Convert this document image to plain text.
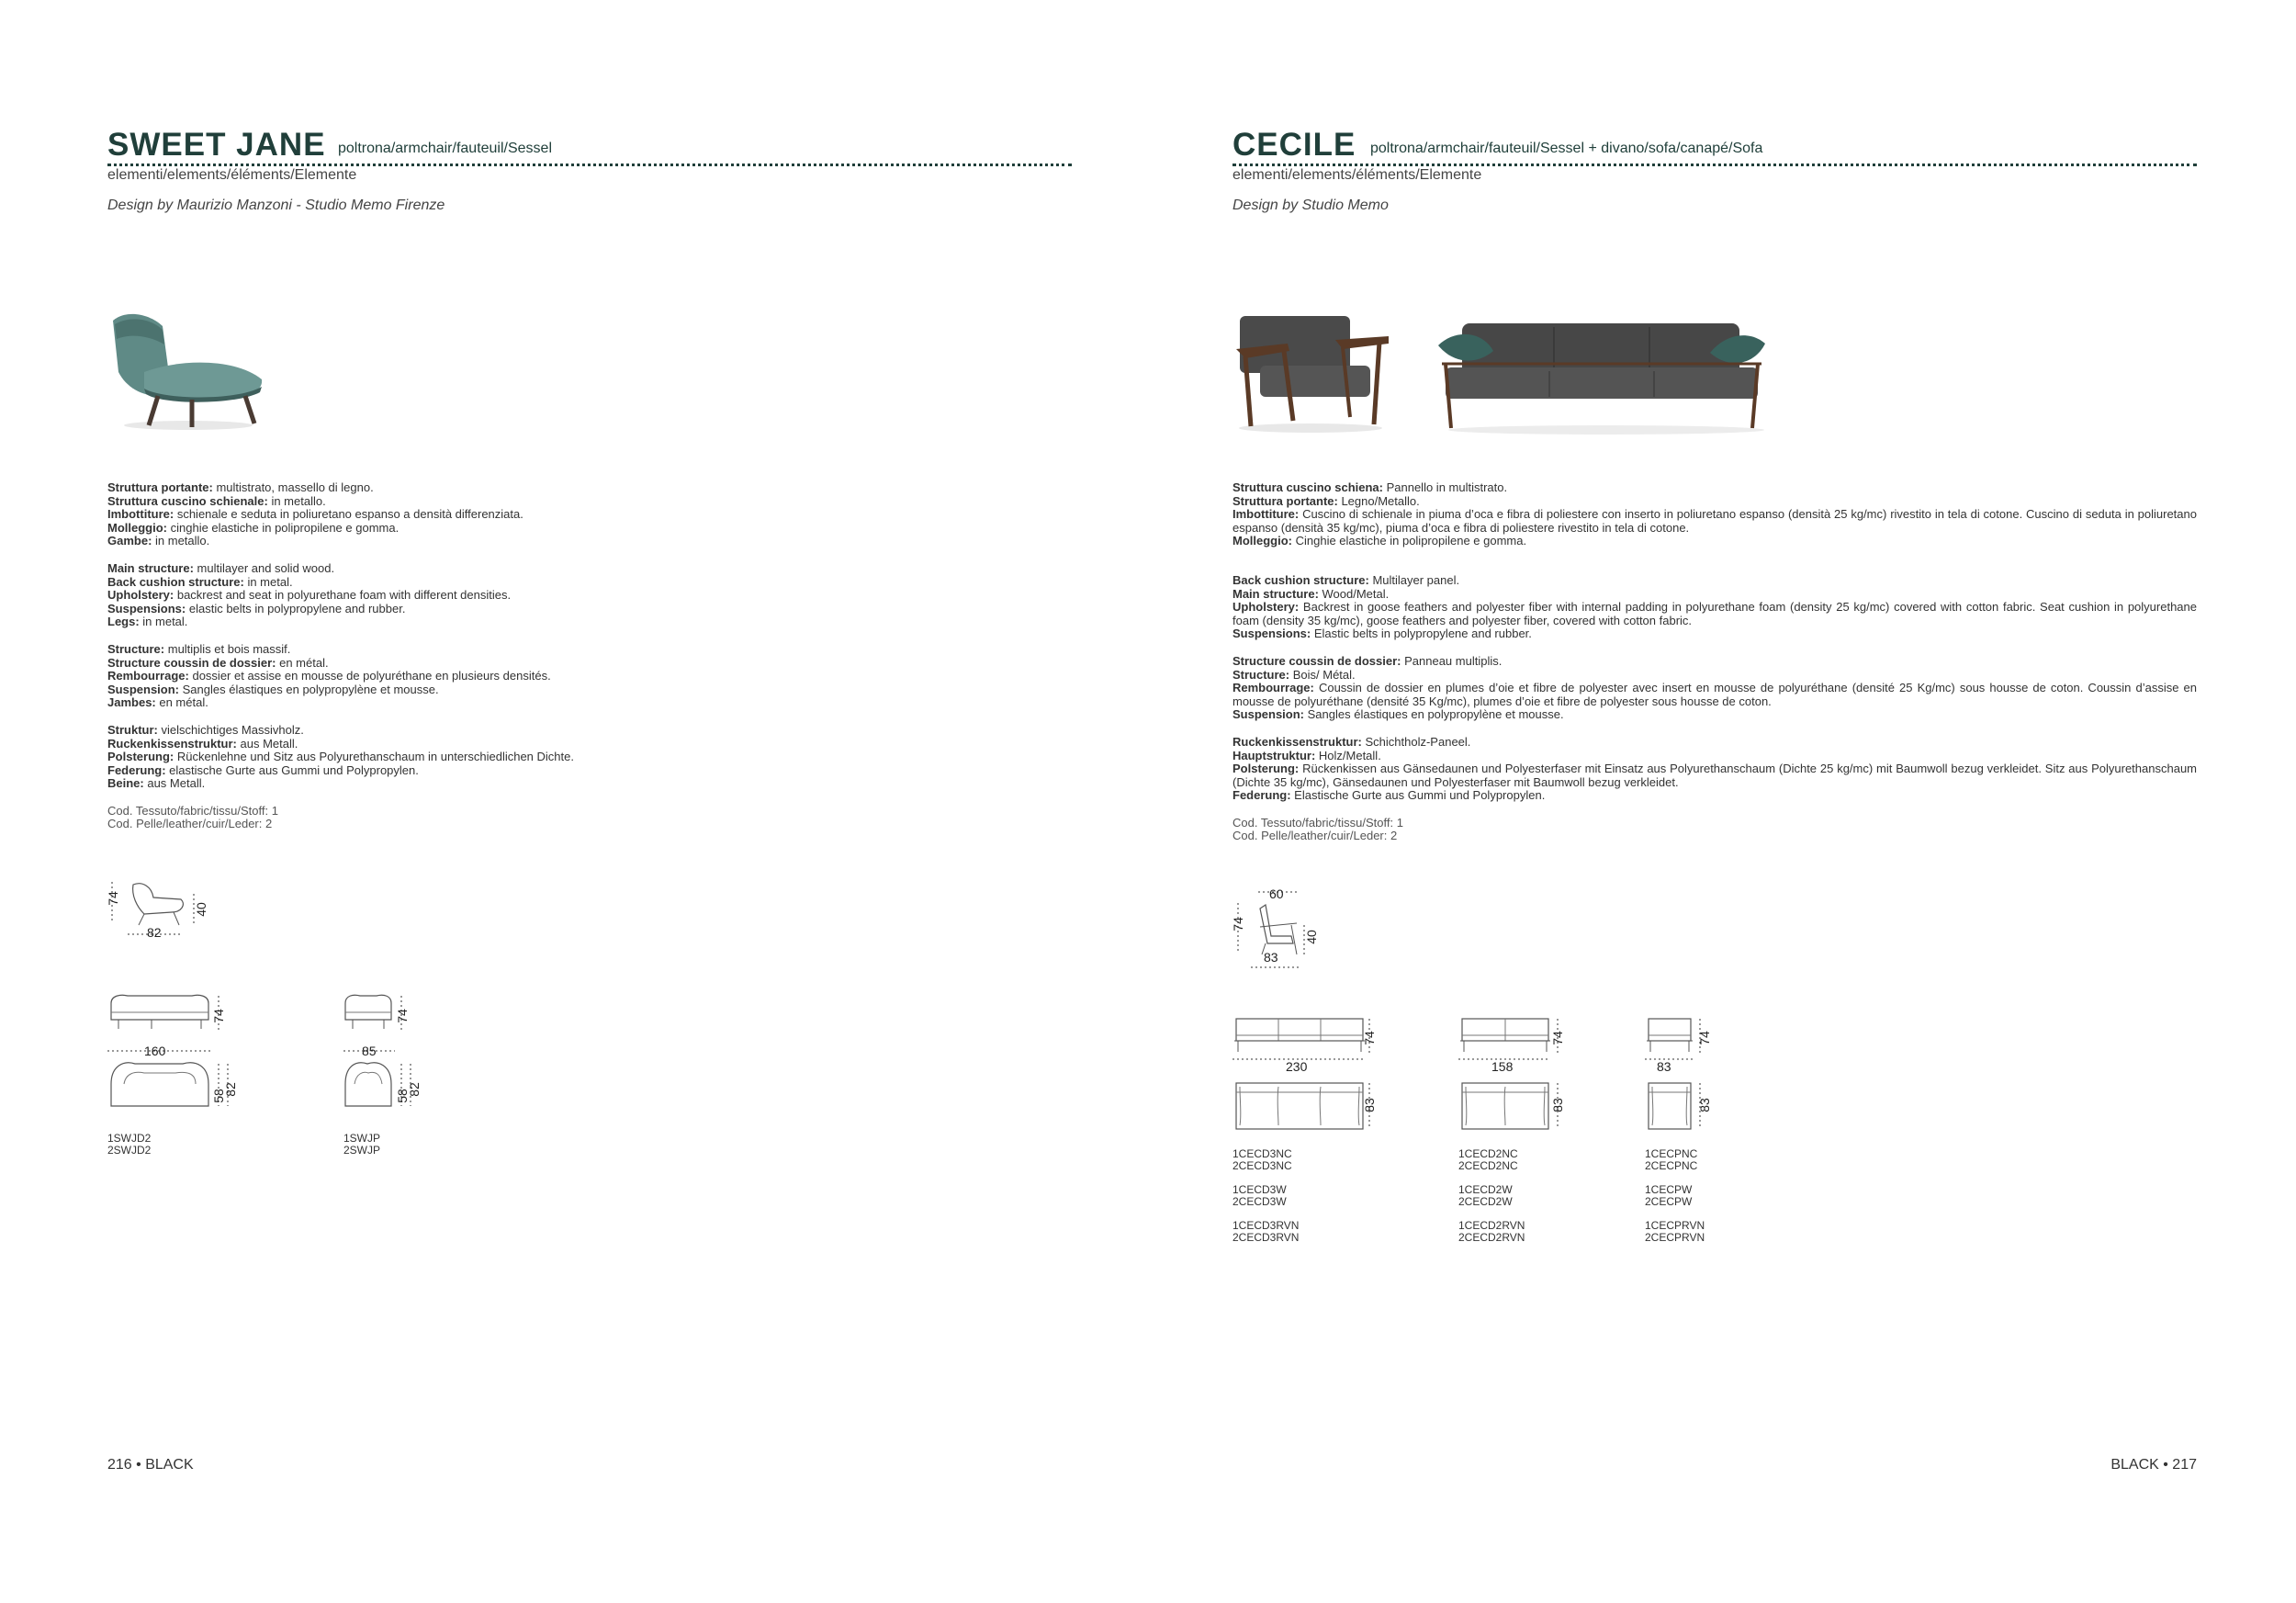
SWEET JANE poltrona/armchair/fauteuil/Sessel
elementi/elements/éléments/Elemente
Design by Maurizio Manzoni - Studio Memo Firenze

Struttura portante: multistrato, massello di legno.

Struttura cuscino schienale: in metallo.

Imbottiture: schienale e seduta in poliuretano espanso a densità differenziata.

Molleggio: cinghie elastiche in polipropilene e gomma.

Gambe: in metallo.

Main structure: multilayer and solid wood.

Back cushion structure: in metal.

Upholstery: backrest and seat in polyurethane foam with different densities.

Suspensions: elastic belts in polypropylene and rubber.

Legs: in metal.

Structure: multiplis et bois massif.

Structure coussin de dossier: en métal.

Rembourrage: dossier et assise en mousse de polyuréthane en plusieurs densités.

Suspension: Sangles élastiques en polypropylène et mousse.

Jambes: en métal.

Struktur: vielschichtiges Massivholz.

Ruckenkissenstruktur: aus Metall.

Polsterung: Rückenlehne und Sitz aus Polyurethanschaum in unterschiedlichen Dichte.

Federung: elastische Gurte aus Gummi und Polypropylen.

Beine: aus Metall.

Cod. Tessuto/fabric/tissu/Stoff: 1

Cod. Pelle/leather/cuir/Leder: 2

74
40
82
74
160
58
82

1SWJD2

2SWJD2

74
85
58
82

1SWJP

2SWJP

216 • BLACK
CECILE poltrona/armchair/fauteuil/Sessel + divano/sofa/canapé/Sofa
elementi/elements/éléments/Elemente
Design by Studio Memo

Struttura cuscino schiena: Pannello in multistrato.

Struttura portante: Legno/Metallo.

Imbottiture: Cuscino di schienale in piuma d’oca e fibra di poliestere con inserto in poliuretano espanso (densità 25 kg/mc) rivestito in tela di cotone. Cuscino di seduta in poliuretano espanso (densità 35 kg/mc), piuma d’oca e fibra di poliestere rivestito in tela di cotone.

Molleggio: Cinghie elastiche in polipropilene e gomma.

Back cushion structure: Multilayer panel.

Main structure: Wood/Metal.

Upholstery: Backrest in goose feathers and polyester fiber with internal padding in polyurethane foam (density 25 kg/mc) covered with cotton fabric. Seat cushion in polyurethane foam (density 35 kg/mc), goose feathers and polyester fiber, covered with cotton fabric.

Suspensions: Elastic belts in polypropylene and rubber.

Structure coussin de dossier: Panneau multiplis.

Structure: Bois/ Métal.

Rembourrage: Coussin de dossier en plumes d’oie et fibre de polyester avec insert en mousse de polyuréthane (densité 25 Kg/mc) sous housse de coton. Coussin d’assise en mousse de polyuréthane (densité 35 Kg/mc), plumes d’oie et fibre de polyester sous housse de coton.

Suspension: Sangles élastiques en polypropylène et mousse.

Ruckenkissenstruktur: Schichtholz-Paneel.

Hauptstruktur: Holz/Metall.

Polsterung: Rückenkissen aus Gänsedaunen und Polyesterfaser mit Einsatz aus Polyurethanschaum (Dichte 25 kg/mc) mit Baumwoll bezug verkleidet. Sitz aus Polyurethanschaum (Dichte 35 kg/mc), Gänsedaunen und Polyesterfaser mit Baumwoll bezug verkleidet.

Federung: Elastische Gurte aus Gummi und Polypropylen.

Cod. Tessuto/fabric/tissu/Stoff: 1

Cod. Pelle/leather/cuir/Leder: 2

60
74
40
83
74
230
83

1CECD3NC

2CECD3NC

1CECD3W

2CECD3W

1CECD3RVN

2CECD3RVN

74
158
83

1CECD2NC

2CECD2NC

1CECD2W

2CECD2W

1CECD2RVN

2CECD2RVN

74
83
83

1CECPNC

2CECPNC

1CECPW

2CECPW

1CECPRVN

2CECPRVN

BLACK • 217
